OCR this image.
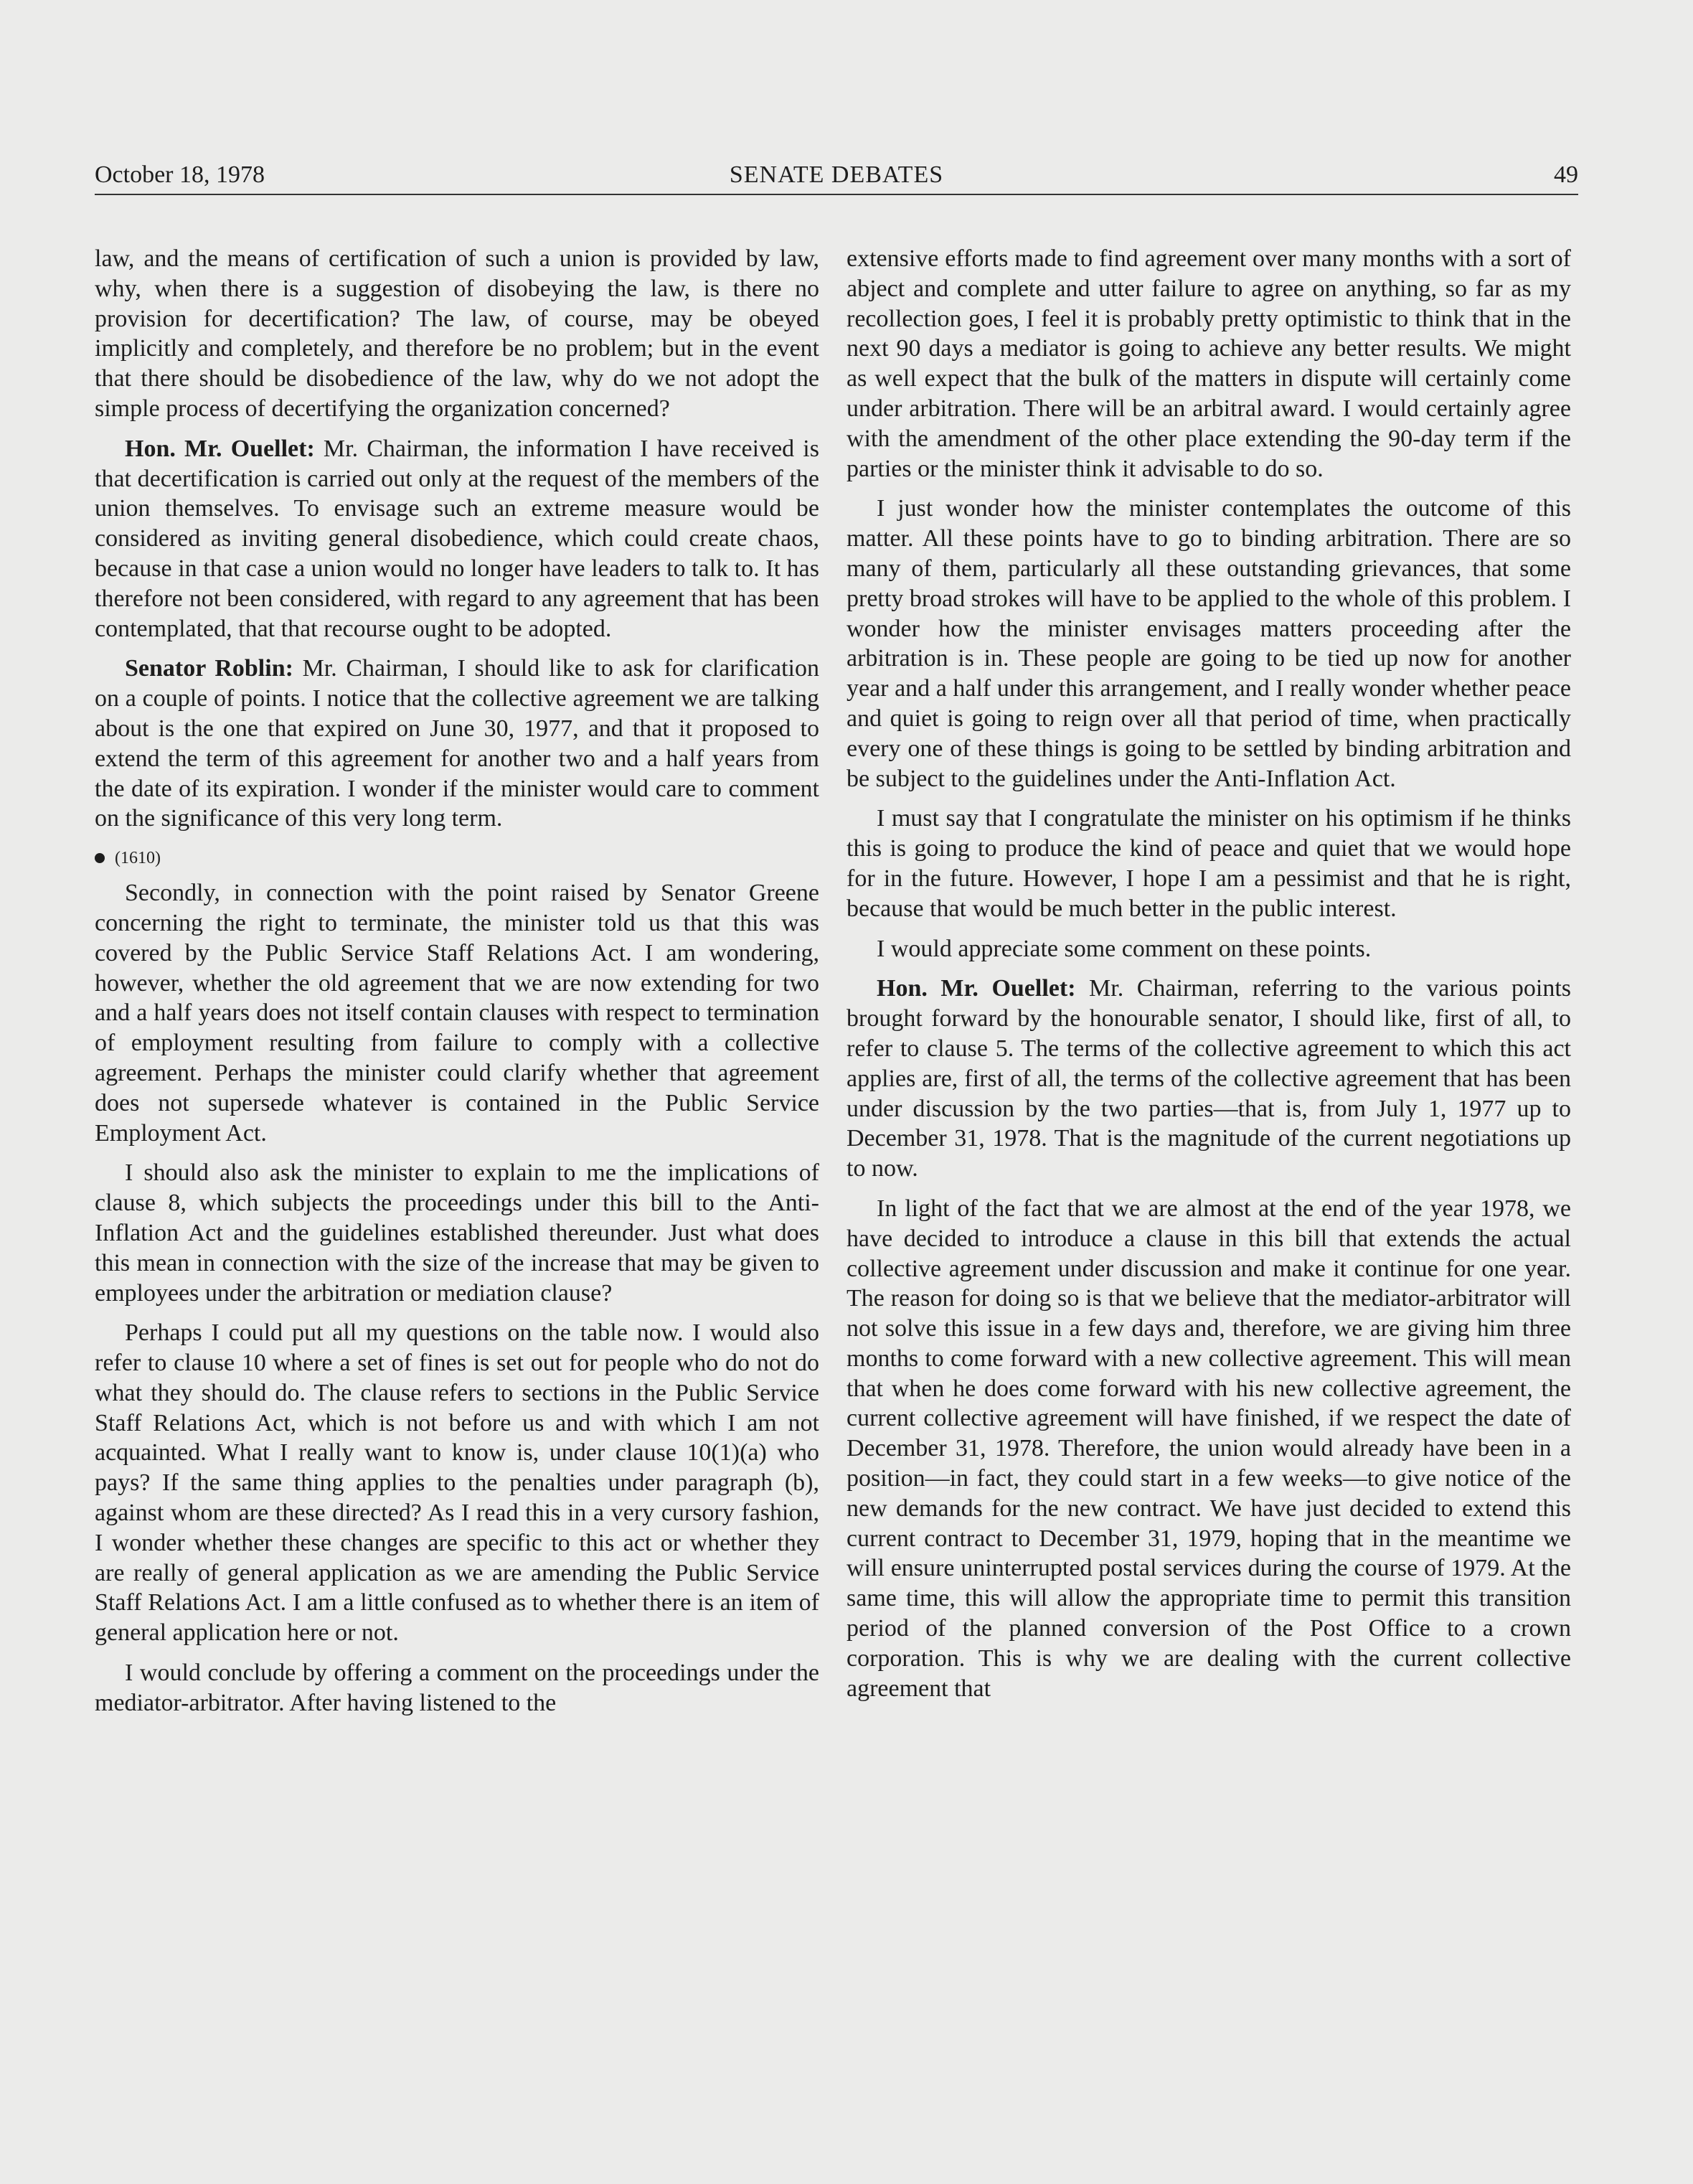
October 18, 1978	SENATE DEBATES	49

law, and the means of certification of such a union is provided by law, why, when there is a suggestion of disobeying the law, is there no provision for decertification? The law, of course, may be obeyed implicitly and completely, and therefore be no problem; but in the event that there should be disobedience of the law, why do we not adopt the simple process of decertifying the organization concerned?

Hon. Mr. Ouellet: Mr. Chairman, the information I have received is that decertification is carried out only at the request of the members of the union themselves. To envisage such an extreme measure would be considered as inviting general disobedience, which could create chaos, because in that case a union would no longer have leaders to talk to. It has therefore not been considered, with regard to any agreement that has been contemplated, that that recourse ought to be adopted.

Senator Roblin: Mr. Chairman, I should like to ask for clarification on a couple of points. I notice that the collective agreement we are talking about is the one that expired on June 30, 1977, and that it proposed to extend the term of this agreement for another two and a half years from the date of its expiration. I wonder if the minister would care to comment on the significance of this very long term.

(1610)

Secondly, in connection with the point raised by Senator Greene concerning the right to terminate, the minister told us that this was covered by the Public Service Staff Relations Act. I am wondering, however, whether the old agreement that we are now extending for two and a half years does not itself contain clauses with respect to termination of employment resulting from failure to comply with a collective agreement. Perhaps the minister could clarify whether that agreement does not supersede whatever is contained in the Public Service Employment Act.

I should also ask the minister to explain to me the implications of clause 8, which subjects the proceedings under this bill to the Anti-Inflation Act and the guidelines established thereunder. Just what does this mean in connection with the size of the increase that may be given to employees under the arbitration or mediation clause?

Perhaps I could put all my questions on the table now. I would also refer to clause 10 where a set of fines is set out for people who do not do what they should do. The clause refers to sections in the Public Service Staff Relations Act, which is not before us and with which I am not acquainted. What I really want to know is, under clause 10(1)(a) who pays? If the same thing applies to the penalties under paragraph (b), against whom are these directed? As I read this in a very cursory fashion, I wonder whether these changes are specific to this act or whether they are really of general application as we are amending the Public Service Staff Relations Act. I am a little confused as to whether there is an item of general application here or not.

I would conclude by offering a comment on the proceedings under the mediator-arbitrator. After having listened to the

extensive efforts made to find agreement over many months with a sort of abject and complete and utter failure to agree on anything, so far as my recollection goes, I feel it is probably pretty optimistic to think that in the next 90 days a mediator is going to achieve any better results. We might as well expect that the bulk of the matters in dispute will certainly come under arbitration. There will be an arbitral award. I would certainly agree with the amendment of the other place extending the 90-day term if the parties or the minister think it advisable to do so.

I just wonder how the minister contemplates the outcome of this matter. All these points have to go to binding arbitration. There are so many of them, particularly all these outstanding grievances, that some pretty broad strokes will have to be applied to the whole of this problem. I wonder how the minister envisages matters proceeding after the arbitration is in. These people are going to be tied up now for another year and a half under this arrangement, and I really wonder whether peace and quiet is going to reign over all that period of time, when practically every one of these things is going to be settled by binding arbitration and be subject to the guidelines under the Anti-Inflation Act.

I must say that I congratulate the minister on his optimism if he thinks this is going to produce the kind of peace and quiet that we would hope for in the future. However, I hope I am a pessimist and that he is right, because that would be much better in the public interest.

I would appreciate some comment on these points.

Hon. Mr. Ouellet: Mr. Chairman, referring to the various points brought forward by the honourable senator, I should like, first of all, to refer to clause 5. The terms of the collective agreement to which this act applies are, first of all, the terms of the collective agreement that has been under discussion by the two parties—that is, from July 1, 1977 up to December 31, 1978. That is the magnitude of the current negotiations up to now.

In light of the fact that we are almost at the end of the year 1978, we have decided to introduce a clause in this bill that extends the actual collective agreement under discussion and make it continue for one year. The reason for doing so is that we believe that the mediator-arbitrator will not solve this issue in a few days and, therefore, we are giving him three months to come forward with a new collective agreement. This will mean that when he does come forward with his new collective agreement, the current collective agreement will have finished, if we respect the date of December 31, 1978. Therefore, the union would already have been in a position—in fact, they could start in a few weeks—to give notice of the new demands for the new contract. We have just decided to extend this current contract to December 31, 1979, hoping that in the meantime we will ensure uninterrupted postal services during the course of 1979. At the same time, this will allow the appropriate time to permit this transition period of the planned conversion of the Post Office to a crown corporation. This is why we are dealing with the current collective agreement that
